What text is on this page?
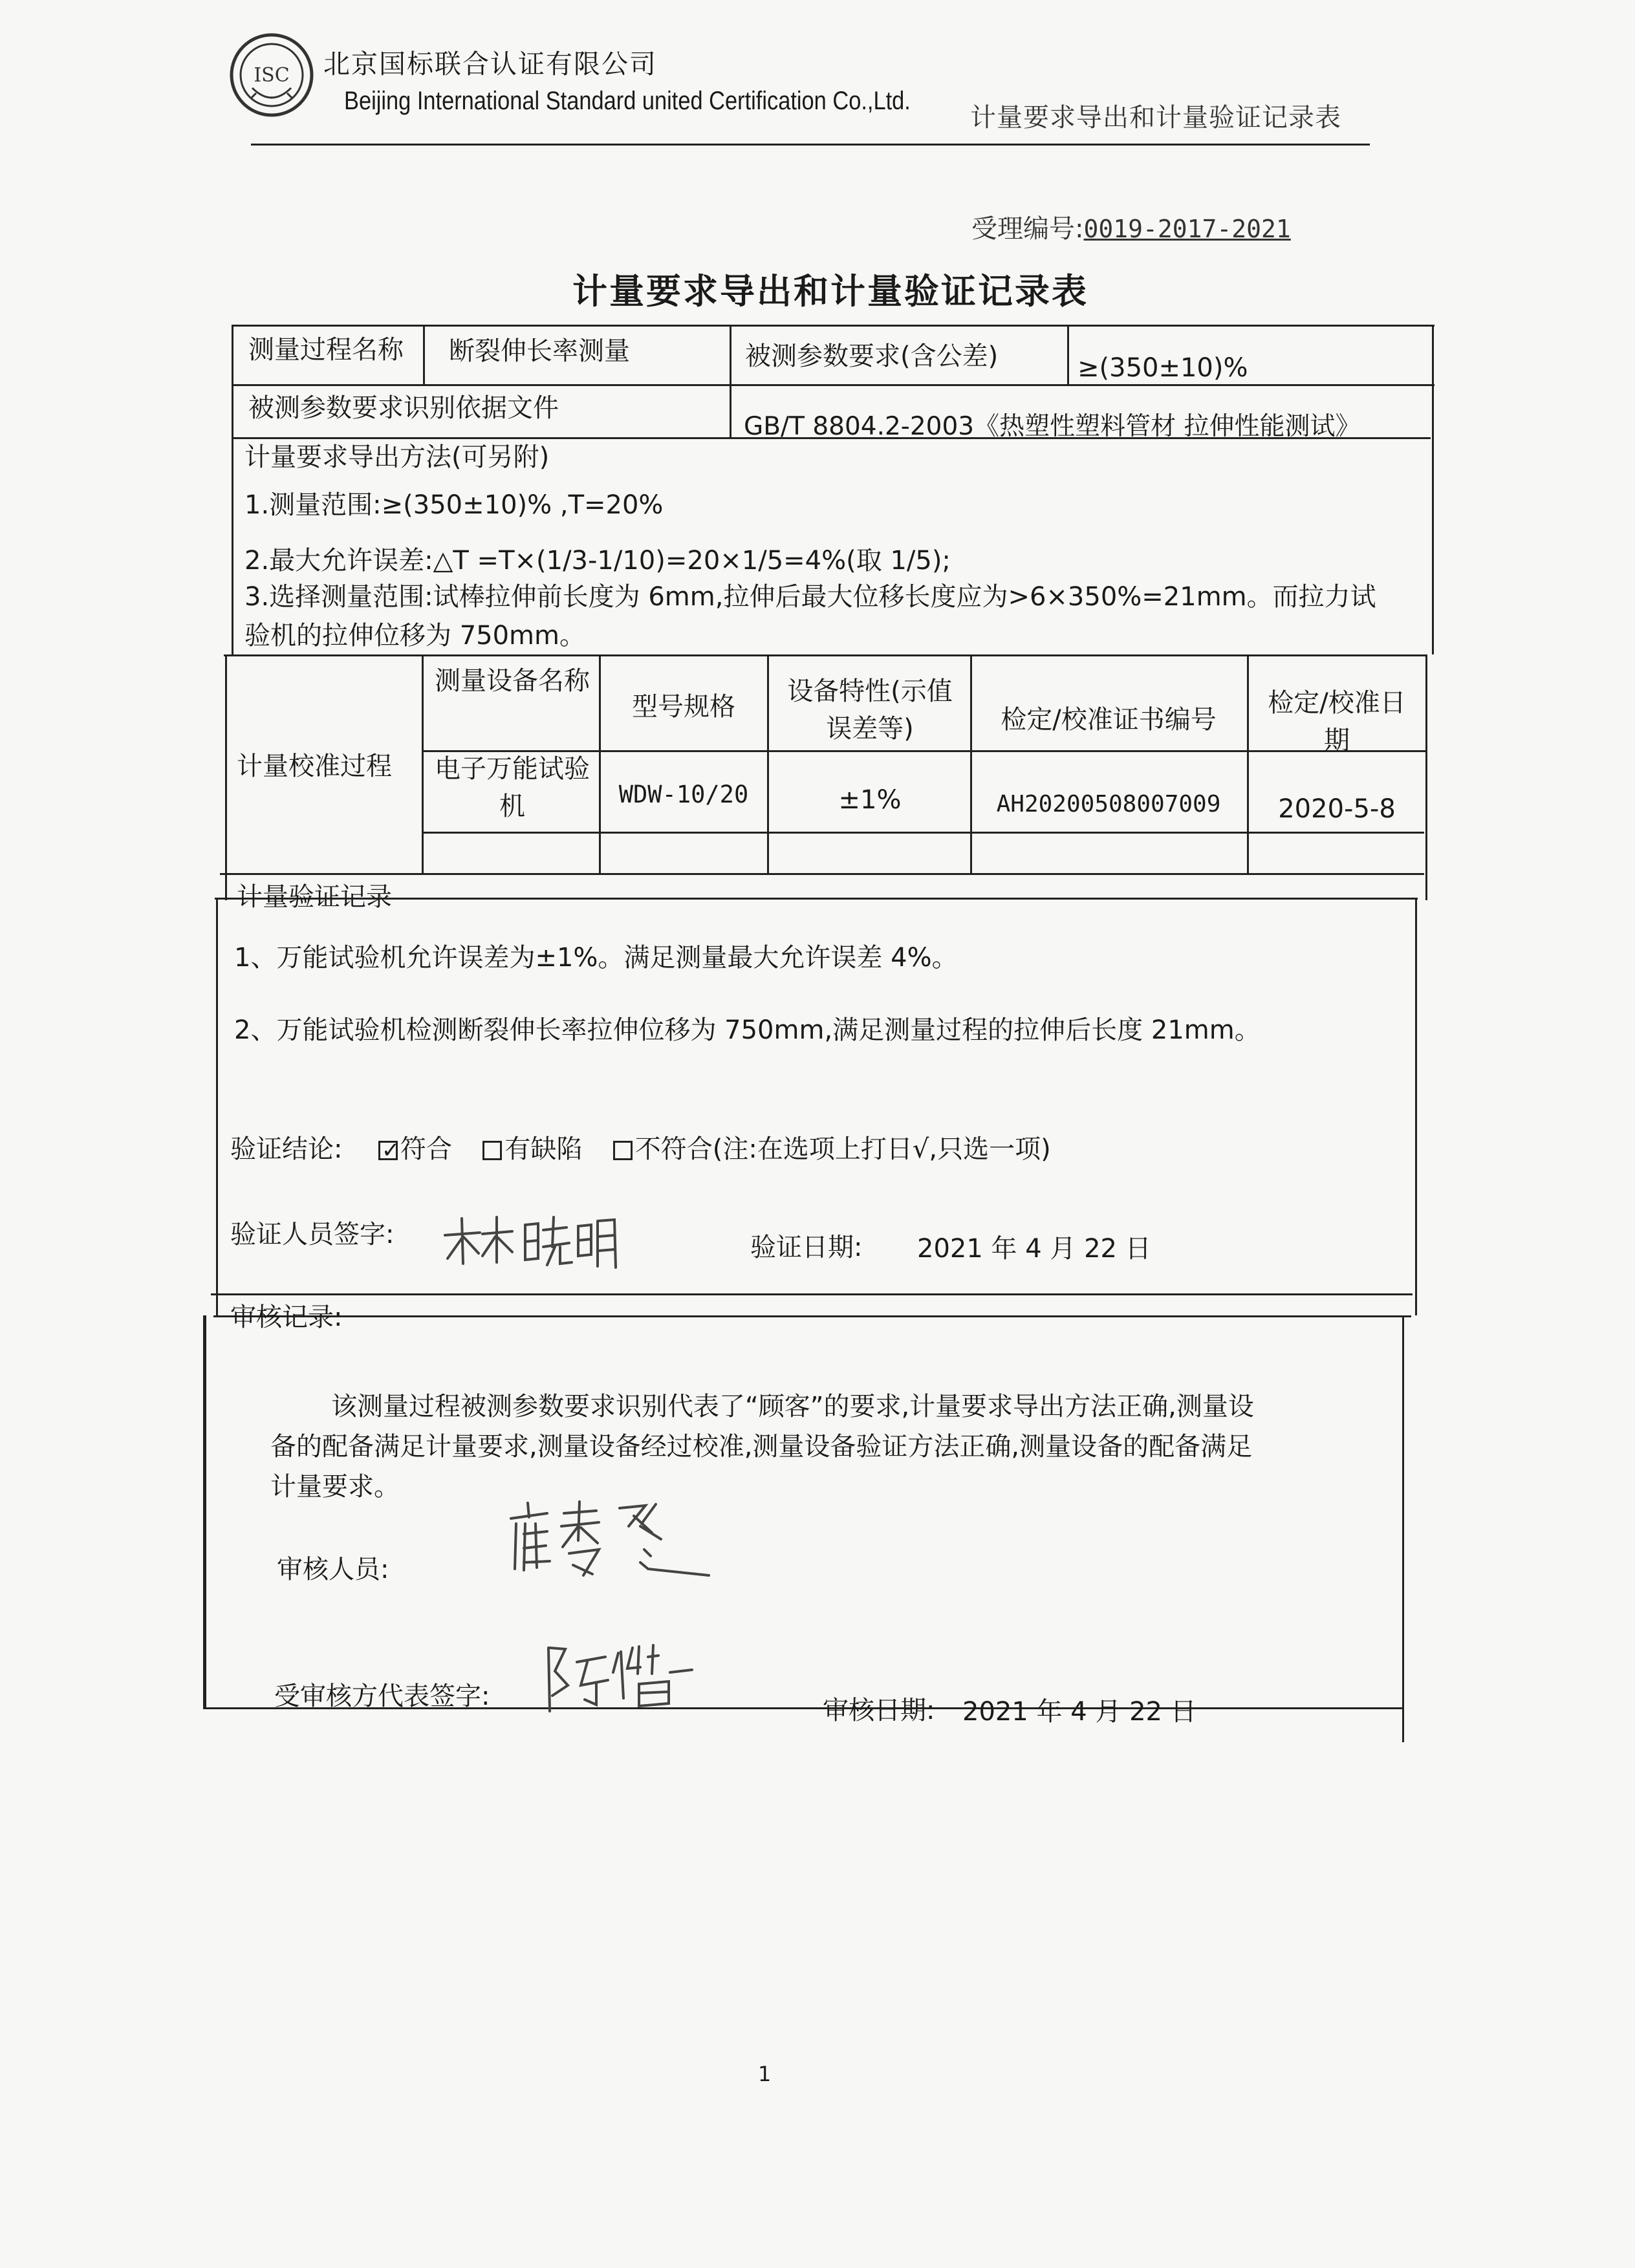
ISC 北京国标联合认证有限公司
Beijing International Standard united Certification Co.,Ltd.
计量要求导出和计量验证记录表
受理编号:0019-2017-2021
计量要求导出和计量验证记录表
测量过程名称 断裂伸长率测量	被测参数要求(含公差)	≥(350±10)%
被测参数要求识别依据文件
GB/T 8804.2-2003《热塑性塑料管材 拉伸性能测试》
计量要求导出方法(可另附)
1.测量范围:≥(350±10)% ,T=20%
2.最大允许误差:△T =T×(1/3-1/10)=20×1/5=4%(取 1/5);
3.选择测量范围:试棒拉伸前长度为 6mm,拉伸后最大位移长度应为>6×350%=21mm。而拉力试
验机的拉伸位移为 750mm。
计量校准过程
测量设备名称
型号规格
设备特性(示值误差等)	检定/校准证书编号
检定/校准日期
电子万能试验机	WDW-10/20	±1%	AH20200508007009	2020-5-8
计量验证记录
1、万能试验机允许误差为±1%。满足测量最大允许误差 4%。
2、万能试验机检测断裂伸长率拉伸位移为 750mm,满足测量过程的拉伸后长度 21mm。
验证结论:  ✓ 符合 有缺陷 不符合(注:在选项上打日√,只选一项)
验证人员签字:	验证日期: 2021 年 4 月 22 日
审核记录:
该测量过程被测参数要求识别代表了“顾客”的要求,计量要求导出方法正确,测量设
备的配备满足计量要求,测量设备经过校准,测量设备验证方法正确,测量设备的配备满足
计量要求。
审核人员:
受审核方代表签字:	审核日期: 2021 年 4 月 22 日
1
